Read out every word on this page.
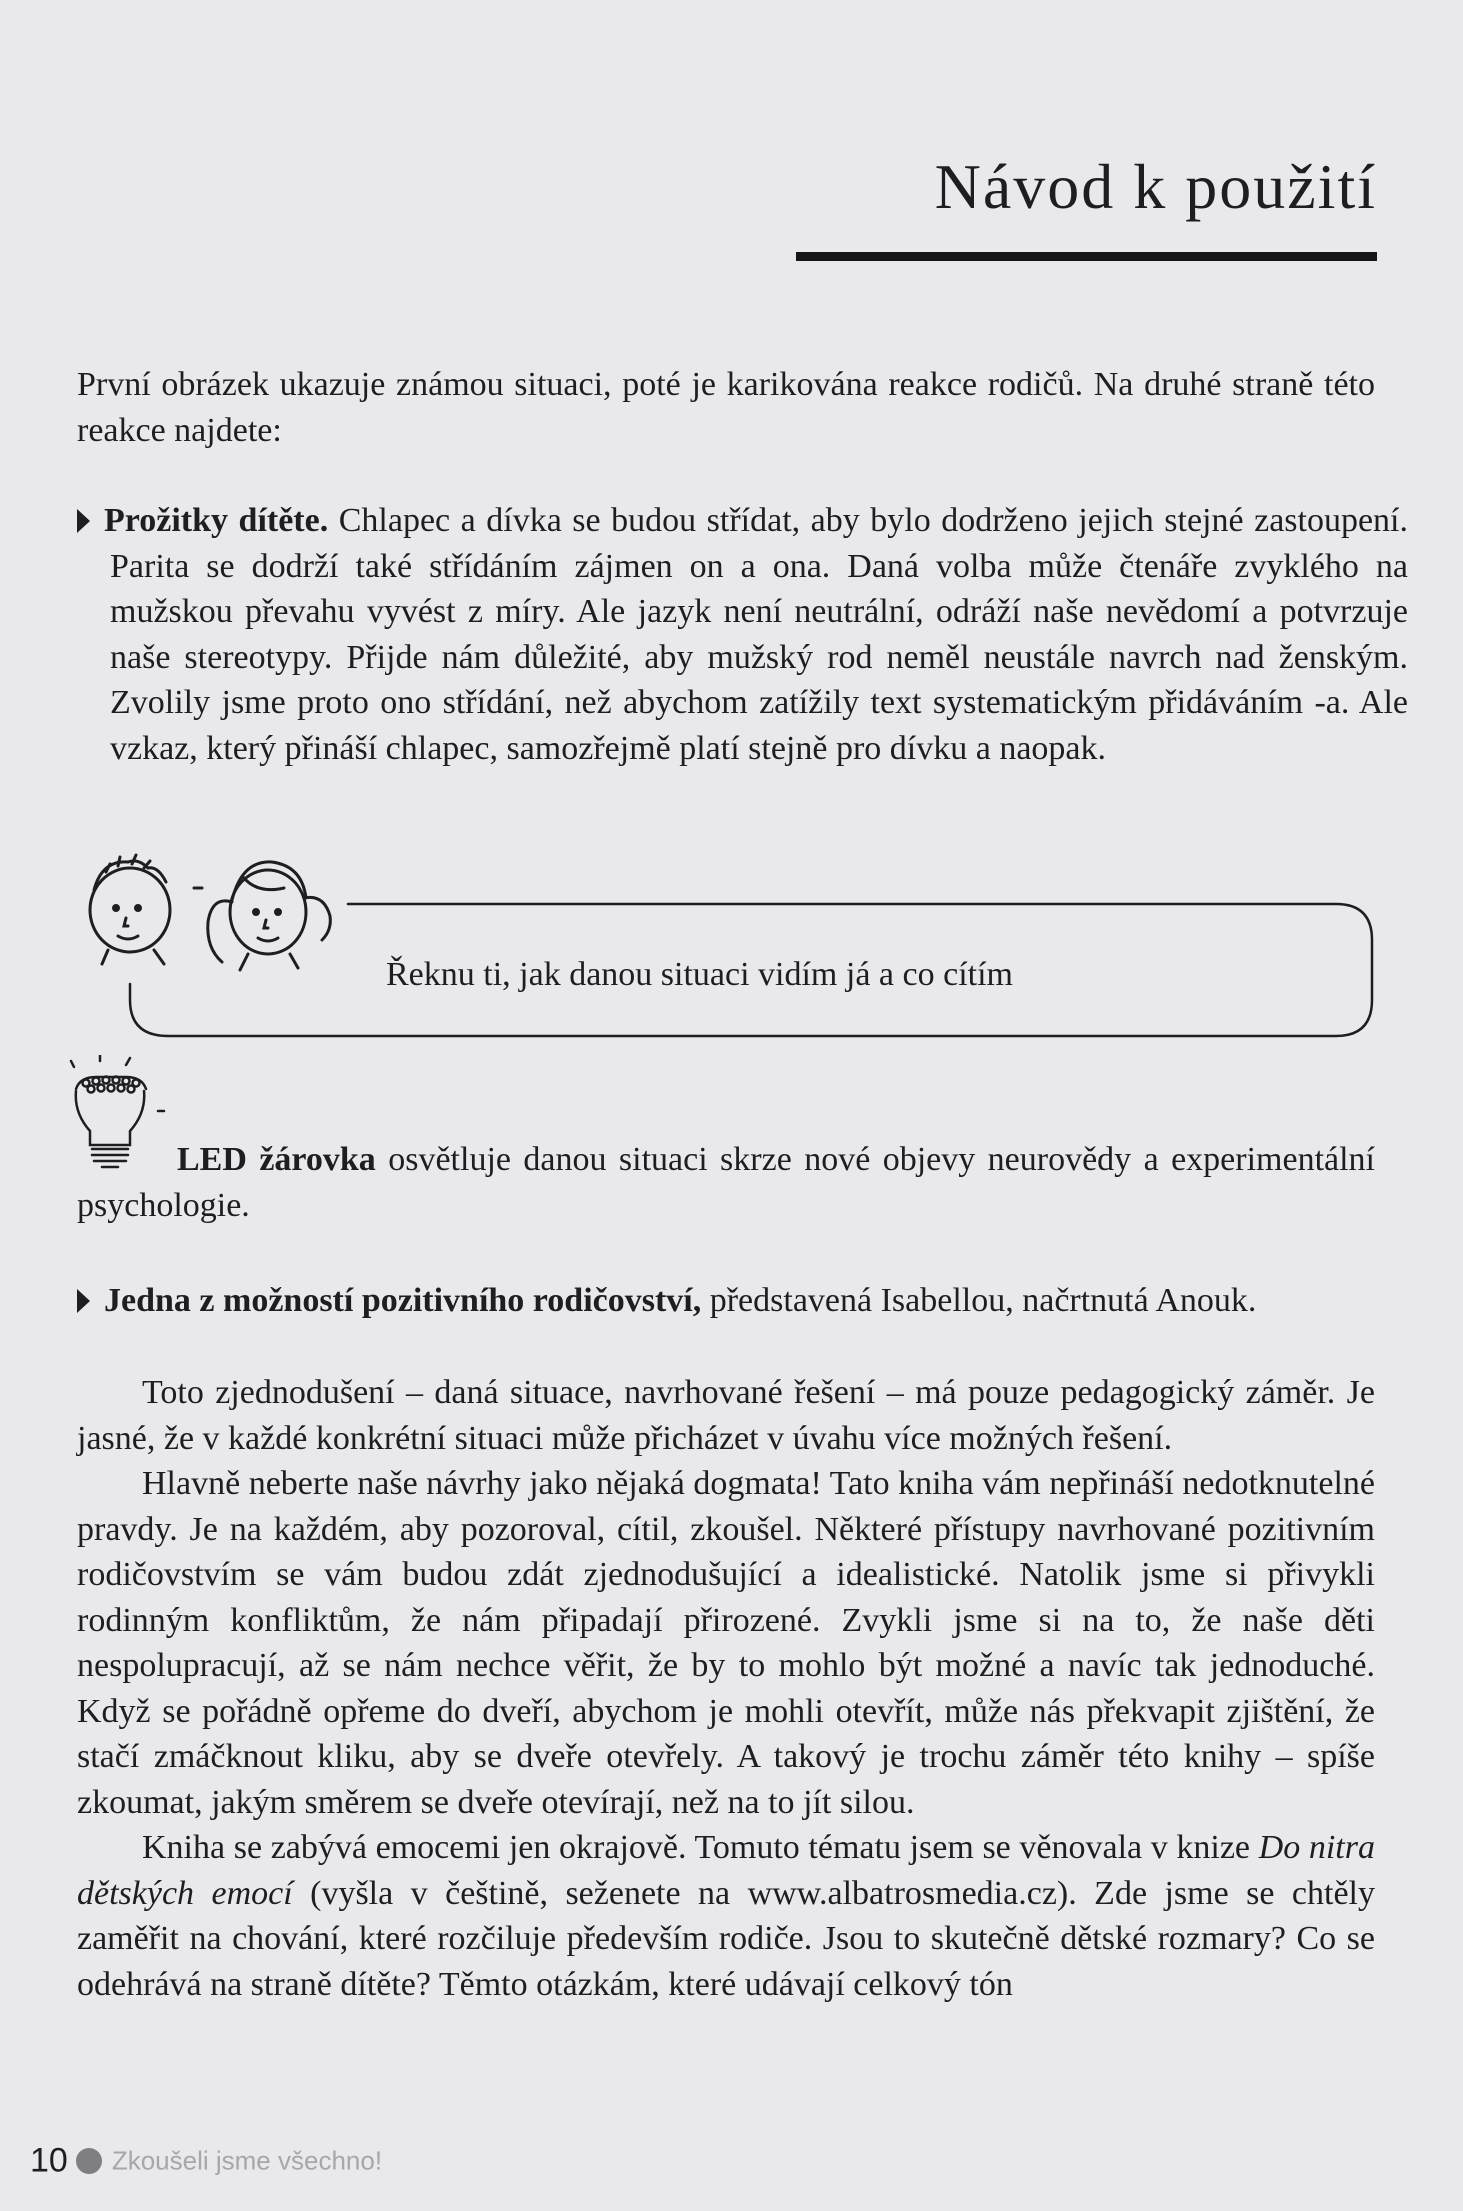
Návod k použití

První obrázek ukazuje známou situaci, poté je karikována reakce rodičů. Na druhé straně této reakce najdete:

Prožitky dítěte. Chlapec a dívka se budou střídat, aby bylo dodrženo jejich stejné zastoupení. Parita se dodrží také střídáním zájmen on a ona. Daná volba může čtenáře zvyklého na mužskou převahu vyvést z míry. Ale jazyk není neutrální, odráží naše nevědomí a potvrzuje naše stereotypy. Přijde nám důležité, aby mužský rod neměl neustále navrch nad ženským. Zvolily jsme proto ono střídání, než abychom zatížily text systematickým přidáváním -a. Ale vzkaz, který přináší chlapec, samozřejmě platí stejně pro dívku a naopak.

Řeknu ti, jak danou situaci vidím já a co cítím

LED žárovka osvětluje danou situaci skrze nové objevy neurovědy a experimentální psychologie.

Jedna z možností pozitivního rodičovství, představená Isabellou, načrtnutá Anouk.

Toto zjednodušení – daná situace, navrhované řešení – má pouze pedagogický záměr. Je jasné, že v každé konkrétní situaci může přicházet v úvahu více možných řešení.

Hlavně neberte naše návrhy jako nějaká dogmata! Tato kniha vám nepřináší nedotknutelné pravdy. Je na každém, aby pozoroval, cítil, zkoušel. Některé přístupy navrhované pozitivním rodičovstvím se vám budou zdát zjednodušující a idealistické. Natolik jsme si přivykli rodinným konfliktům, že nám připadají přirozené. Zvykli jsme si na to, že naše děti nespolupracují, až se nám nechce věřit, že by to mohlo být možné a navíc tak jednoduché. Když se pořádně opřeme do dveří, abychom je mohli otevřít, může nás překvapit zjištění, že stačí zmáčknout kliku, aby se dveře otevřely. A takový je trochu záměr této knihy – spíše zkoumat, jakým směrem se dveře otevírají, než na to jít silou.

Kniha se zabývá emocemi jen okrajově. Tomuto tématu jsem se věnovala v knize Do nitra dětských emocí (vyšla v češtině, seženete na www.albatrosmedia.cz). Zde jsme se chtěly zaměřit na chování, které rozčiluje především rodiče. Jsou to skutečně dětské rozmary? Co se odehrává na straně dítěte? Těmto otázkám, které udávají celkový tón

10 Zkoušeli jsme všechno!
